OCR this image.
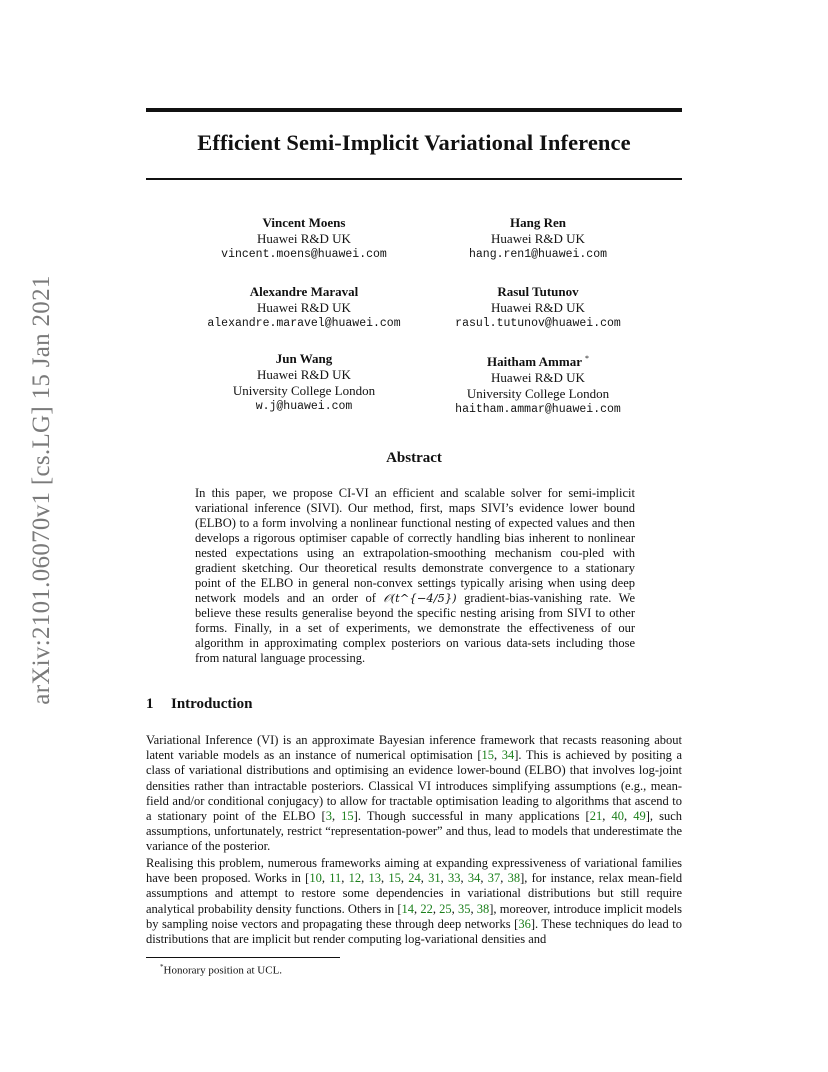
arXiv:2101.06070v1 [cs.LG] 15 Jan 2021
Efficient Semi-Implicit Variational Inference
Vincent Moens
Huawei R&D UK
vincent.moens@huawei.com
Hang Ren
Huawei R&D UK
hang.ren1@huawei.com
Alexandre Maraval
Huawei R&D UK
alexandre.maravel@huawei.com
Rasul Tutunov
Huawei R&D UK
rasul.tutunov@huawei.com
Jun Wang
Huawei R&D UK
University College London
w.j@huawei.com
Haitham Ammar *
Huawei R&D UK
University College London
haitham.ammar@huawei.com
Abstract
In this paper, we propose CI-VI an efficient and scalable solver for semi-implicit variational inference (SIVI). Our method, first, maps SIVI’s evidence lower bound (ELBO) to a form involving a nonlinear functional nesting of expected values and then develops a rigorous optimiser capable of correctly handling bias inherent to nonlinear nested expectations using an extrapolation-smoothing mechanism cou-pled with gradient sketching. Our theoretical results demonstrate convergence to a stationary point of the ELBO in general non-convex settings typically arising when using deep network models and an order of 𝒪(t^{−4/5}) gradient-bias-vanishing rate. We believe these results generalise beyond the specific nesting arising from SIVI to other forms. Finally, in a set of experiments, we demonstrate the effectiveness of our algorithm in approximating complex posteriors on various data-sets including those from natural language processing.
1 Introduction
Variational Inference (VI) is an approximate Bayesian inference framework that recasts reasoning about latent variable models as an instance of numerical optimisation [15, 34]. This is achieved by positing a class of variational distributions and optimising an evidence lower-bound (ELBO) that involves log-joint densities rather than intractable posteriors. Classical VI introduces simplifying assumptions (e.g., mean-field and/or conditional conjugacy) to allow for tractable optimisation leading to algorithms that ascend to a stationary point of the ELBO [3, 15]. Though successful in many applications [21, 40, 49], such assumptions, unfortunately, restrict “representation-power” and thus, lead to models that underestimate the variance of the posterior.
Realising this problem, numerous frameworks aiming at expanding expressiveness of variational families have been proposed. Works in [10, 11, 12, 13, 15, 24, 31, 33, 34, 37, 38], for instance, relax mean-field assumptions and attempt to restore some dependencies in variational distributions but still require analytical probability density functions. Others in [14, 22, 25, 35, 38], moreover, introduce implicit models by sampling noise vectors and propagating these through deep networks [36]. These techniques do lead to distributions that are implicit but render computing log-variational densities and
*Honorary position at UCL.
